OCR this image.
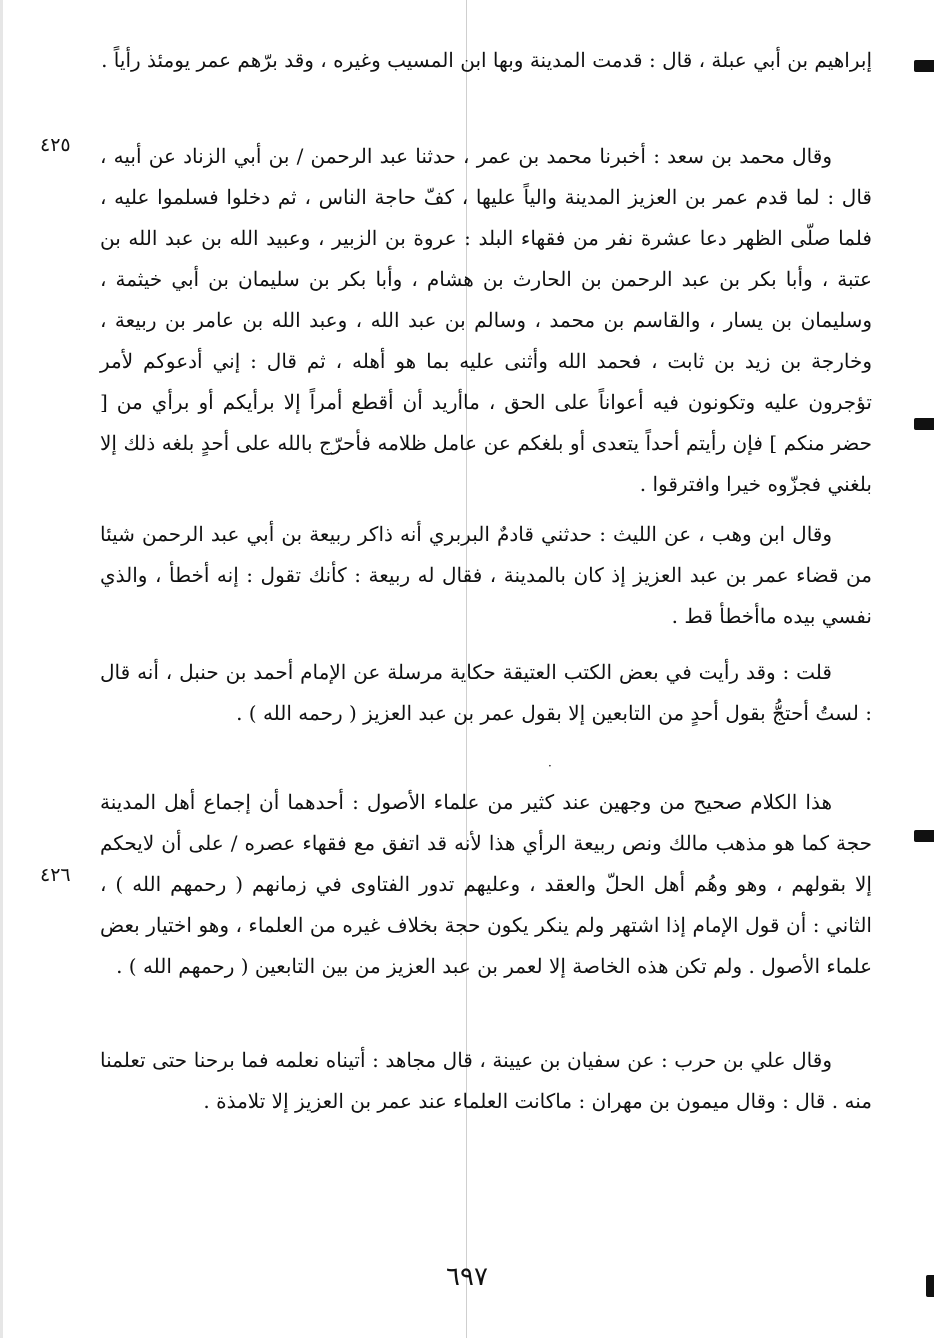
٤٢٥
٤٢٦

إبراهيم بن أبي عبلة ، قال : قدمت المدينة وبها ابن المسيب وغيره ، وقد برّهم عمر يومئذ رأياً .

وقال محمد بن سعد : أخبرنا محمد بن عمر ، حدثنا عبد الرحمن / بن أبي الزناد عن أبيه ، قال : لما قدم عمر بن العزيز المدينة والياً عليها ، كفّ حاجة الناس ، ثم دخلوا فسلموا عليه ، فلما صلّى الظهر دعا عشرة نفر من فقهاء البلد : عروة بن الزبير ، وعبيد الله بن عبد الله بن عتبة ، وأبا بكر بن عبد الرحمن بن الحارث بن هشام ، وأبا بكر بن سليمان بن أبي خيثمة ، وسليمان بن يسار ، والقاسم بن محمد ، وسالم بن عبد الله ، وعبد الله بن عامر بن ربيعة ، وخارجة بن زيد بن ثابت ، فحمد الله وأثنى عليه بما هو أهله ، ثم قال : إني أدعوكم لأمر تؤجرون عليه وتكونون فيه أعواناً على الحق ، ماأريد أن أقطع أمراً إلا برأيكم أو برأي من [ حضر منكم ] فإن رأيتم أحداً يتعدى أو بلغكم عن عامل ظلامه فأحرّج بالله على أحدٍ بلغه ذلك إلا بلغني فجزّوه خيرا وافترقوا .

وقال ابن وهب ، عن الليث : حدثني قادمٌ البربري أنه ذاكر ربيعة بن أبي عبد الرحمن شيئا من قضاء عمر بن عبد العزيز إذ كان بالمدينة ، فقال له ربيعة : كأنك تقول : إنه أخطأ ، والذي نفسي بيده ماأخطأ قط .

قلت : وقد رأيت في بعض الكتب العتيقة حكاية مرسلة عن الإمام أحمد بن حنبل ، أنه قال : لستُ أحتجُّ بقول أحدٍ من التابعين إلا بقول عمر بن عبد العزيز ( رحمه الله ) .

·

هذا الكلام صحيح من وجهين عند كثير من علماء الأصول : أحدهما أن إجماع أهل المدينة حجة كما هو مذهب مالك ونص ربيعة الرأي هذا لأنه قد اتفق مع فقهاء عصره / على أن لايحكم إلا بقولهم ، وهو وهُم أهل الحلّ والعقد ، وعليهم تدور الفتاوى في زمانهم ( رحمهم الله ) ، الثاني : أن قول الإمام إذا اشتهر ولم ينكر يكون حجة بخلاف غيره من العلماء ، وهو اختيار بعض علماء الأصول . ولم تكن هذه الخاصة إلا لعمر بن عبد العزيز من بين التابعين ( رحمهم الله ) .

وقال علي بن حرب : عن سفيان بن عيينة ، قال مجاهد : أتيناه نعلمه فما برحنا حتى تعلمنا منه . قال : وقال ميمون بن مهران : ماكانت العلماء عند عمر بن العزيز إلا تلامذة .

٦٩٧
